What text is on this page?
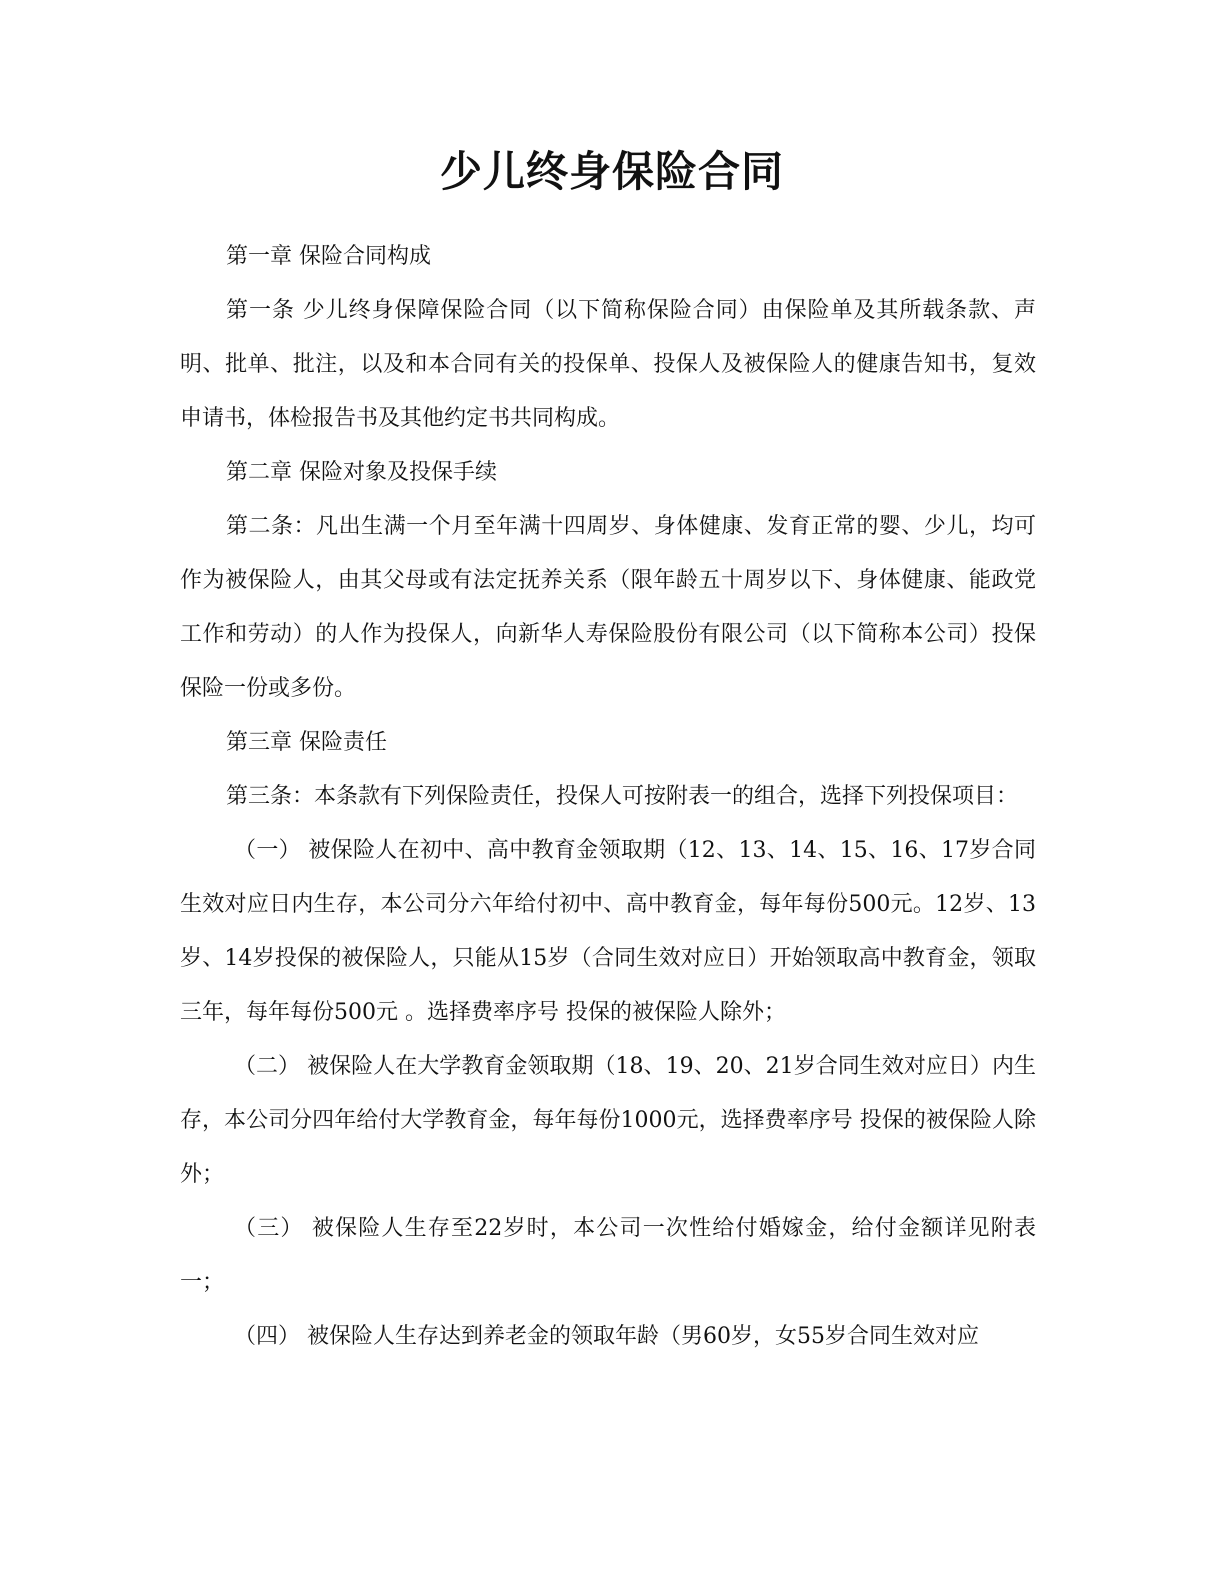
少儿终身保险合同

第一章 保险合同构成

第一条 少儿终身保障保险合同（以下简称保险合同）由保险单及其所载条款、声明、批单、批注，以及和本合同有关的投保单、投保人及被保险人的健康告知书，复效申请书，体检报告书及其他约定书共同构成。

第二章 保险对象及投保手续

第二条：凡出生满一个月至年满十四周岁、身体健康、发育正常的婴、少儿，均可作为被保险人，由其父母或有法定抚养关系（限年龄五十周岁以下、身体健康、能政党工作和劳动）的人作为投保人，向新华人寿保险股份有限公司（以下简称本公司）投保保险一份或多份。

第三章 保险责任

第三条：本条款有下列保险责任，投保人可按附表一的组合，选择下列投保项目：

（一） 被保险人在初中、高中教育金领取期（12、13、14、15、16、17岁合同生效对应日内生存，本公司分六年给付初中、高中教育金，每年每份500元。12岁、13岁、14岁投保的被保险人，只能从15岁（合同生效对应日）开始领取高中教育金，领取三年，每年每份500元 。选择费率序号 投保的被保险人除外；

（二） 被保险人在大学教育金领取期（18、19、20、21岁合同生效对应日）内生存，本公司分四年给付大学教育金，每年每份1000元，选择费率序号 投保的被保险人除外；

（三） 被保险人生存至22岁时，本公司一次性给付婚嫁金，给付金额详见附表一；

（四） 被保险人生存达到养老金的领取年龄（男60岁，女55岁合同生效对应
